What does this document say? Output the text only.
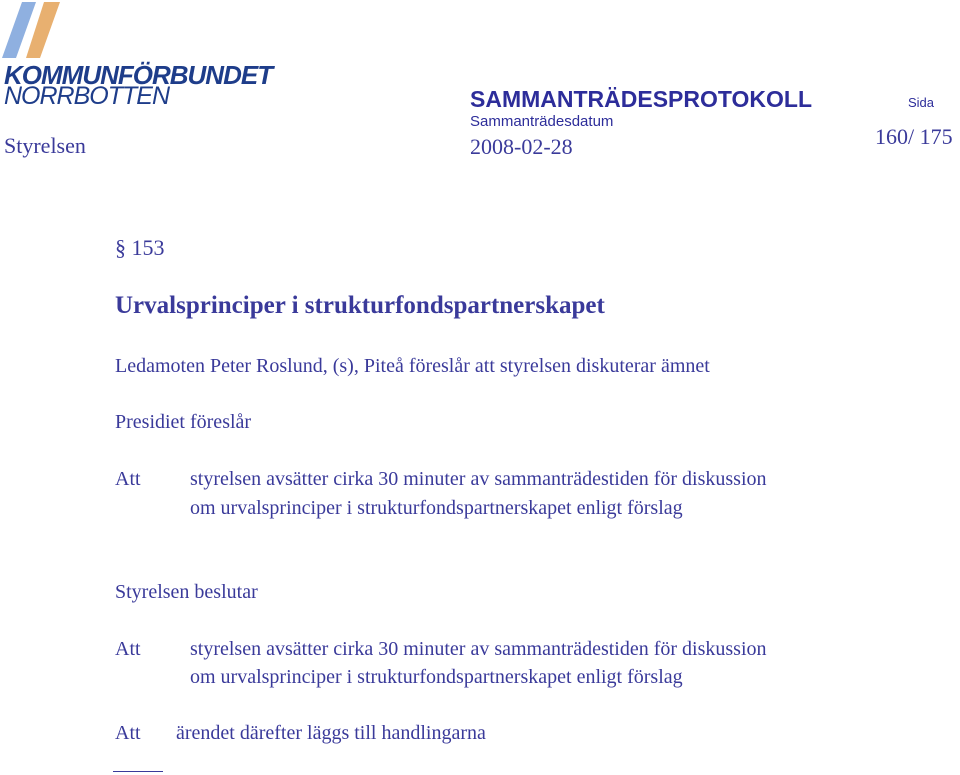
KOMMUNFÖRBUNDET
NORRBOTTEN	SAMMANTRÄDESPROTOKOLL
Sammanträdesdatum
Sida
Styrelsen	2008-02-28	160/ 175
§ 153
Urvalsprinciper i strukturfondspartnerskapet
Ledamoten Peter Roslund, (s), Piteå föreslår att styrelsen diskuterar ämnet
Presidiet föreslår
Att styrelsen avsätter cirka 30 minuter av sammanträdestiden för diskussion
om urvalsprinciper i strukturfondspartnerskapet enligt förslag
Styrelsen beslutar
Att styrelsen avsätter cirka 30 minuter av sammanträdestiden för diskussion
om urvalsprinciper i strukturfondspartnerskapet enligt förslag
Att ärendet därefter läggs till handlingarna
